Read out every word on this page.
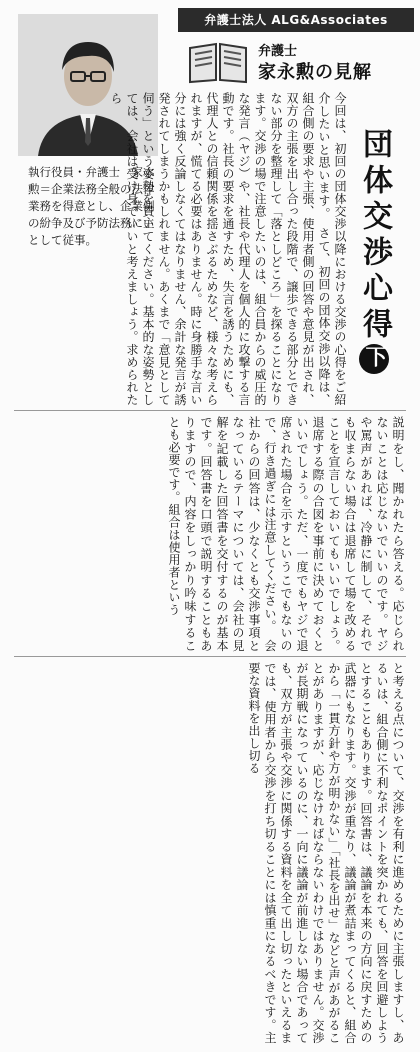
弁護士法人 ALG&Associates
弁護士
家永勲の見解
執行役員・弁護士　家永勲＝企業法務全般の法律業務を得意とし、企業側の紛争及び予防法務に主として従事。	団体交渉心得下
今回は、初回の団体交渉以降における交渉の心得をご紹介したいと思います。　さて、初回の団体交渉以降は、組合側の要求や主張、使用者側の回答や意見が出され、双方の主張を出し合った段階で、譲歩できる部分とできない部分を整理して「落としどころ」を探ることになります。交渉の場で注意したいのは、組合員からの威圧的な発言（ヤジ）や、社長や代理人を個人的に攻撃する言動です。社長の要求を通すため、失言を誘うためにも、代理人との信頼関係を揺さぶるためなど、様々な考えられますが、慌てる必要はありません。時に身勝手な言い分には強く反論しなくてはなりません、余計な発言が誘発されてしまうかもしれません。あくまで「意見として伺う」という姿勢を貫いてください。基本的な姿勢としては、会社は受け身でいいと考えましょう。求められたら
説明をし、聞かれたら答える。応じられないことは応じないでいいのです。ヤジや罵声があれば、冷静に制して、それでも収まらない場合は退席して場を改めることを宣言しておいてもいいでしょう。退席する際の合図を事前に決めておくといいでしょう。ただ、一度でもヤジで退席された場合を示すというこでもないので、行き過ぎには注意してください。　会社からの回答は、少なくとも交渉事項となっているテーマについては、会社の見解を記載した回答書を交付するのが基本です。回答書を口頭で説明することもありますので、内容をしっかり吟味することも必要です。組合は使用者という
と考える点について、交渉を有利に進めるために主張しますし、あるいは、組合側に不利なポイントを突かれても、回答を回避しようとすることもあります。回答書は、議論を本来の方向に戻すための武器にもなります。交渉が重なり、議論が煮詰まってくると、組合から「一貫方針や方が明かない」「社長を出せ」などと声があがることがありますが、応じなければならないわけではありません。交渉が長期戦になっているのに、一向に議論が前進しない場合であっても、双方が主張や交渉に関係する資料を全て出し切ったといえるまでは、使用者から交渉を打ち切ることには慎重になるべきです。主要な資料を出し切る
